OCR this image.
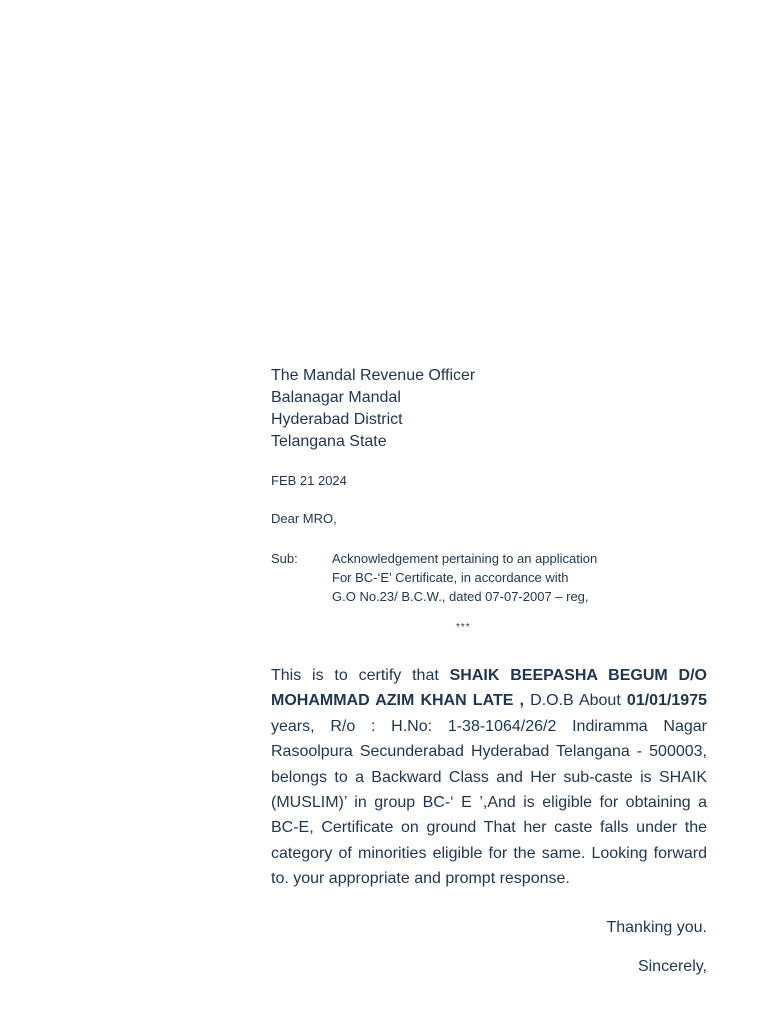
The Mandal Revenue Officer
Balanagar Mandal
Hyderabad District
Telangana State
FEB 21 2024
Dear MRO,
Sub:	Acknowledgement pertaining to an application
For BC-‘E’ Certificate, in accordance with
G.O No.23/ B.C.W., dated 07-07-2007 – reg,
***
This is to certify that SHAIK BEEPASHA BEGUM D/O MOHAMMAD AZIM KHAN LATE , D.O.B About 01/01/1975 years, R/o : H.No: 1-38-1064/26/2 Indiramma Nagar Rasoolpura Secunderabad Hyderabad Telangana - 500003, belongs to a Backward Class and Her sub-caste is SHAIK (MUSLIM)’ in group BC-‘ E ’,And is eligible for obtaining a BC-E, Certificate on ground That her caste falls under the category of minorities eligible for the same. Looking forward to. your appropriate and prompt response.
Thanking you.
Sincerely,
